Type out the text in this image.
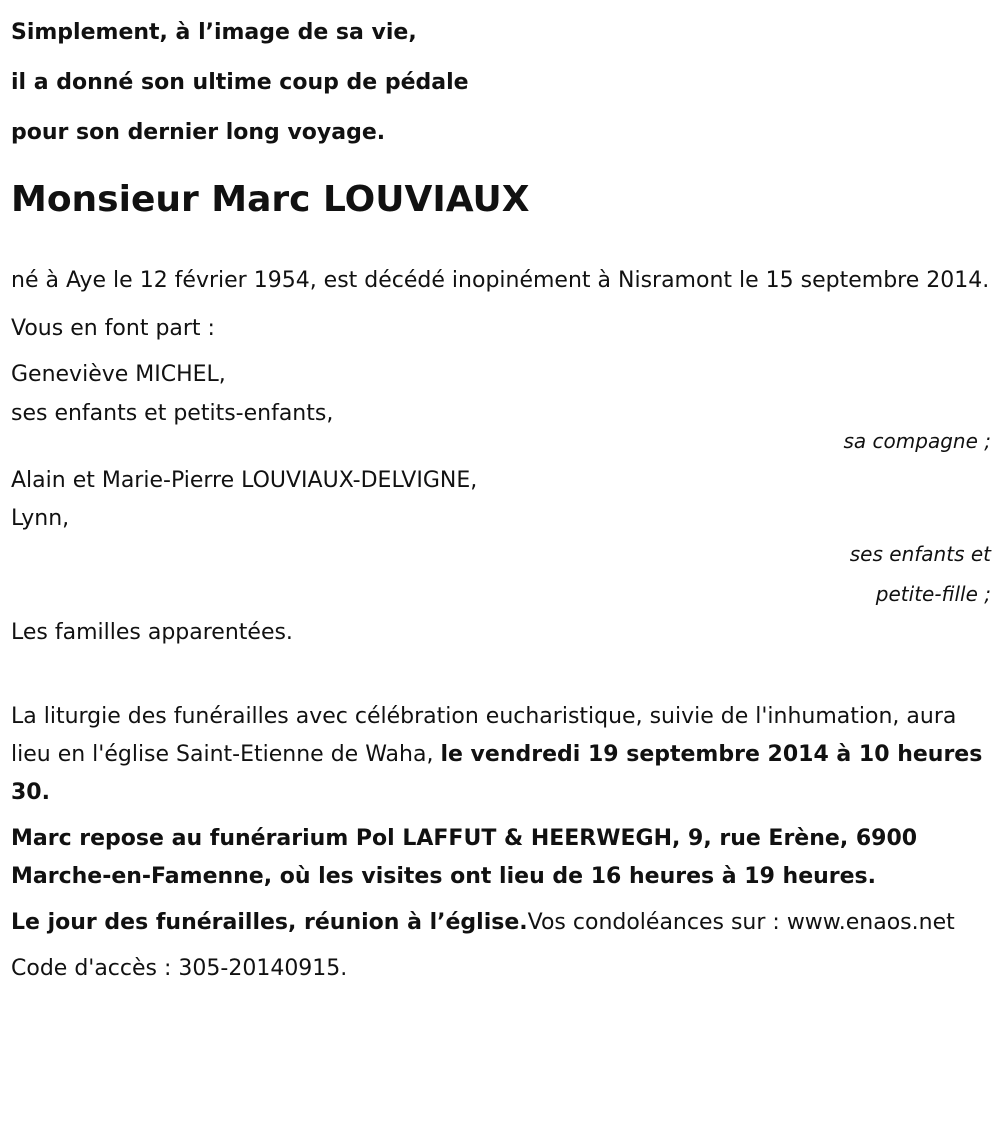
Simplement, à l’image de sa vie,

il a donné son ultime coup de pédale

pour son dernier long voyage.

Monsieur Marc LOUVIAUX

né à Aye le 12 février 1954, est décédé inopinément à Nisramont le 15 septembre 2014.

Vous en font part :

Geneviève MICHEL,

ses enfants et petits-enfants,

sa compagne ;

Alain et Marie-Pierre LOUVIAUX-DELVIGNE,

Lynn,

ses enfants et

petite-fille ;

Les familles apparentées.

La liturgie des funérailles avec célébration eucharistique, suivie de l'inhumation, aura lieu en l'église Saint-Etienne de Waha, le vendredi 19 septembre 2014 à 10 heures 30.

Marc repose au funérarium Pol LAFFUT & HEERWEGH, 9, rue Erène, 6900 Marche-en-Famenne, où les visites ont lieu de 16 heures à 19 heures.

Le jour des funérailles, réunion à l’église.Vos condoléances sur : www.enaos.net

Code d'accès : 305-20140915.
